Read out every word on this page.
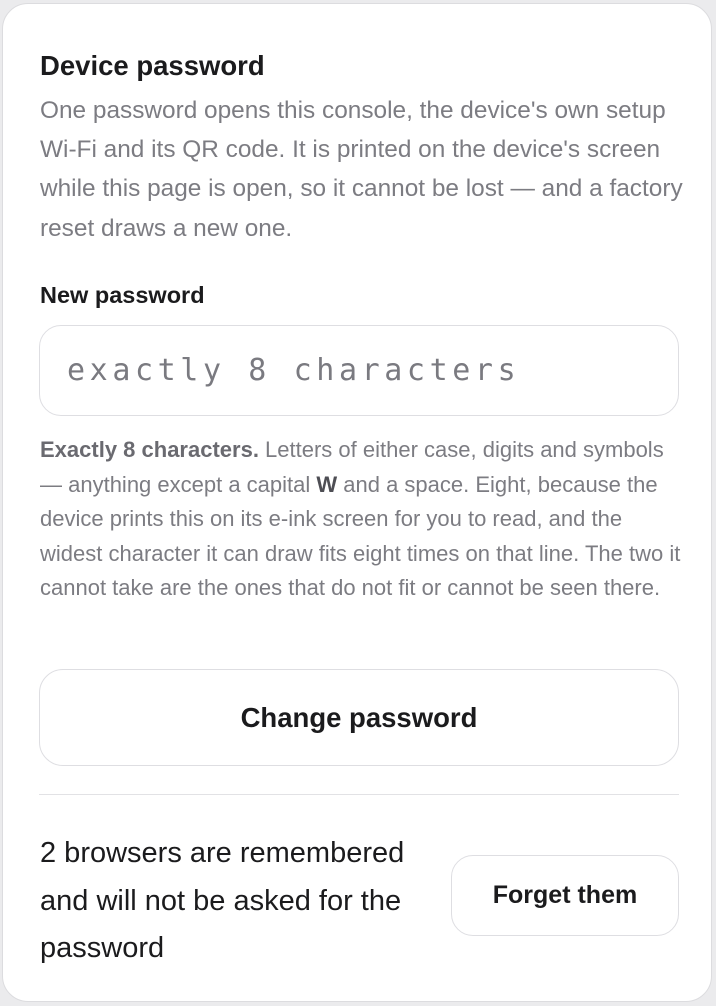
Device password

One password opens this console, the device's own setup Wi-Fi and its QR code. It is printed on the device's screen while this page is open, so it cannot be lost — and a factory reset draws a new one.

New password
exactly 8 characters

Exactly 8 characters. Letters of either case, digits and symbols — anything except a capital W and a space. Eight, because the device prints this on its e-ink screen for you to read, and the widest character it can draw fits eight times on that line. The two it cannot take are the ones that do not fit or cannot be seen there.

Change password

2 browsers are remembered and will not be asked for the password

Forget them
